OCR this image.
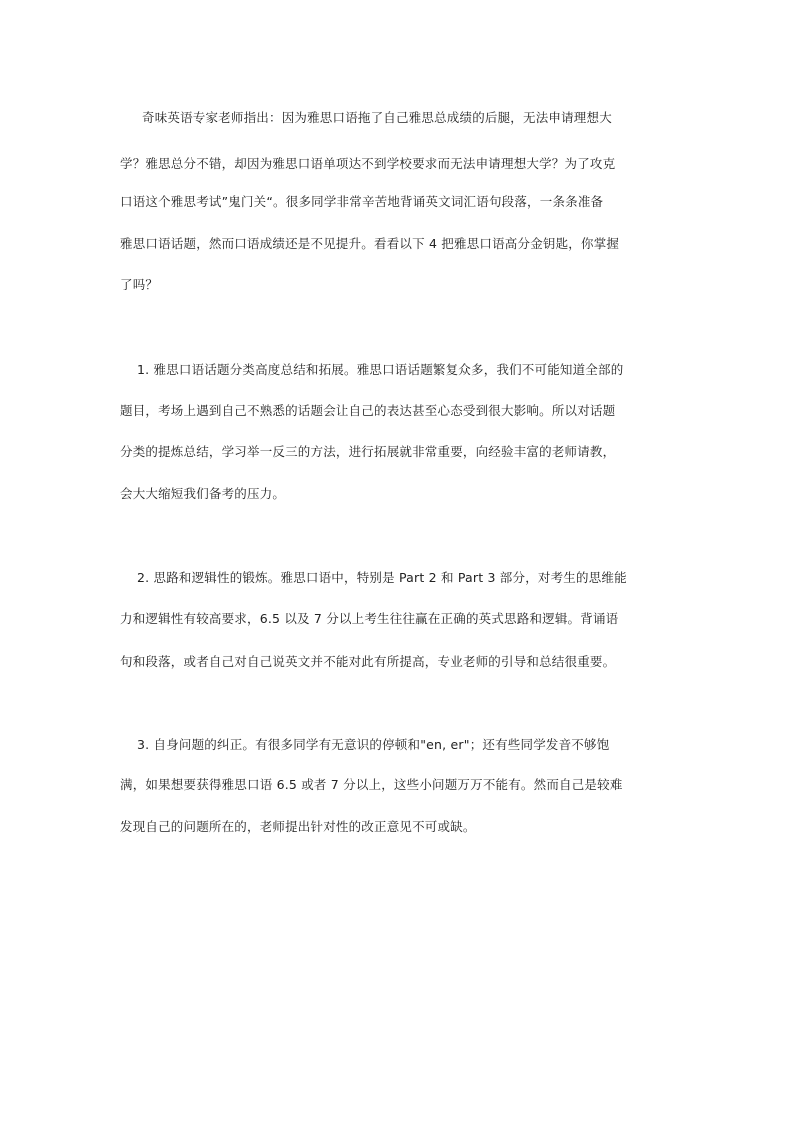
奇味英语专家老师指出：因为雅思口语拖了自己雅思总成绩的后腿，无法申请理想大
学？雅思总分不错，却因为雅思口语单项达不到学校要求而无法申请理想大学？为了攻克
口语这个雅思考试”鬼门关“。很多同学非常辛苦地背诵英文词汇语句段落，一条条准备
雅思口语话题，然而口语成绩还是不见提升。看看以下 4 把雅思口语高分金钥匙，你掌握
了吗？
1. 雅思口语话题分类高度总结和拓展。雅思口语话题繁复众多，我们不可能知道全部的
题目，考场上遇到自己不熟悉的话题会让自己的表达甚至心态受到很大影响。所以对话题
分类的提炼总结，学习举一反三的方法，进行拓展就非常重要，向经验丰富的老师请教，
会大大缩短我们备考的压力。
2. 思路和逻辑性的锻炼。雅思口语中，特别是 Part 2 和 Part 3 部分，对考生的思维能
力和逻辑性有较高要求，6.5 以及 7 分以上考生往往赢在正确的英式思路和逻辑。背诵语
句和段落，或者自己对自己说英文并不能对此有所提高，专业老师的引导和总结很重要。
3. 自身问题的纠正。有很多同学有无意识的停顿和"en, er"；还有些同学发音不够饱
满，如果想要获得雅思口语 6.5 或者 7 分以上，这些小问题万万不能有。然而自己是较难
发现自己的问题所在的，老师提出针对性的改正意见不可或缺。
